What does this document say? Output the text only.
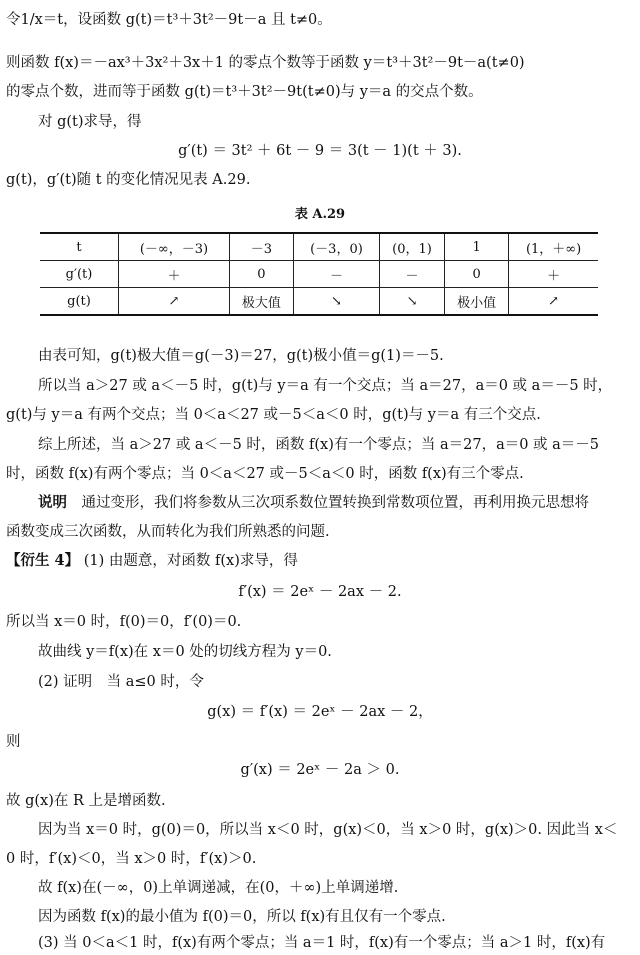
令1/x＝t，设函数 g(t)＝t³＋3t²－9t－a 且 t≠0。
则函数 f(x)＝－ax³＋3x²＋3x＋1 的零点个数等于函数 y＝t³＋3t²－9t－a(t≠0)
的零点个数，进而等于函数 g(t)＝t³＋3t²－9t(t≠0)与 y＝a 的交点个数。
对 g(t)求导，得
g′(t) ＝ 3t² ＋ 6t － 9 ＝ 3(t － 1)(t ＋ 3).
g(t)，g′(t)随 t 的变化情况见表 A.29.
表 A.29
t	(－∞，－3)	－3	(－3，0)	(0，1)	1	(1，＋∞)
g′(t)	＋	0	－	－	0	＋
g(t)	↗	极大值	↘	↘	极小值	↗
由表可知，g(t)极大值＝g(－3)＝27，g(t)极小值＝g(1)＝－5.
所以当 a＞27 或 a＜－5 时，g(t)与 y＝a 有一个交点；当 a＝27，a＝0 或 a＝－5 时，
g(t)与 y＝a 有两个交点；当 0＜a＜27 或－5＜a＜0 时，g(t)与 y＝a 有三个交点.
综上所述，当 a＞27 或 a＜－5 时，函数 f(x)有一个零点；当 a＝27，a＝0 或 a＝－5
时，函数 f(x)有两个零点；当 0＜a＜27 或－5＜a＜0 时，函数 f(x)有三个零点.
说明　通过变形，我们将参数从三次项系数位置转换到常数项位置，再利用换元思想将
函数变成三次函数，从而转化为我们所熟悉的问题.
【衍生 4】 (1) 由题意，对函数 f(x)求导，得
f′(x) ＝ 2eˣ － 2ax － 2.
所以当 x＝0 时，f(0)＝0，f′(0)＝0.
故曲线 y＝f(x)在 x＝0 处的切线方程为 y＝0.
(2) 证明　当 a≤0 时，令
g(x) ＝ f′(x) ＝ 2eˣ － 2ax － 2，
则
g′(x) ＝ 2eˣ － 2a ＞ 0.
故 g(x)在 R 上是增函数.
因为当 x＝0 时，g(0)＝0，所以当 x＜0 时，g(x)＜0，当 x＞0 时，g(x)＞0. 因此当 x＜
0 时，f′(x)＜0，当 x＞0 时，f′(x)＞0.
故 f(x)在(－∞，0)上单调递减，在(0，＋∞)上单调递增.
因为函数 f(x)的最小值为 f(0)＝0，所以 f(x)有且仅有一个零点.
(3) 当 0＜a＜1 时，f(x)有两个零点；当 a＝1 时，f(x)有一个零点；当 a＞1 时，f(x)有
